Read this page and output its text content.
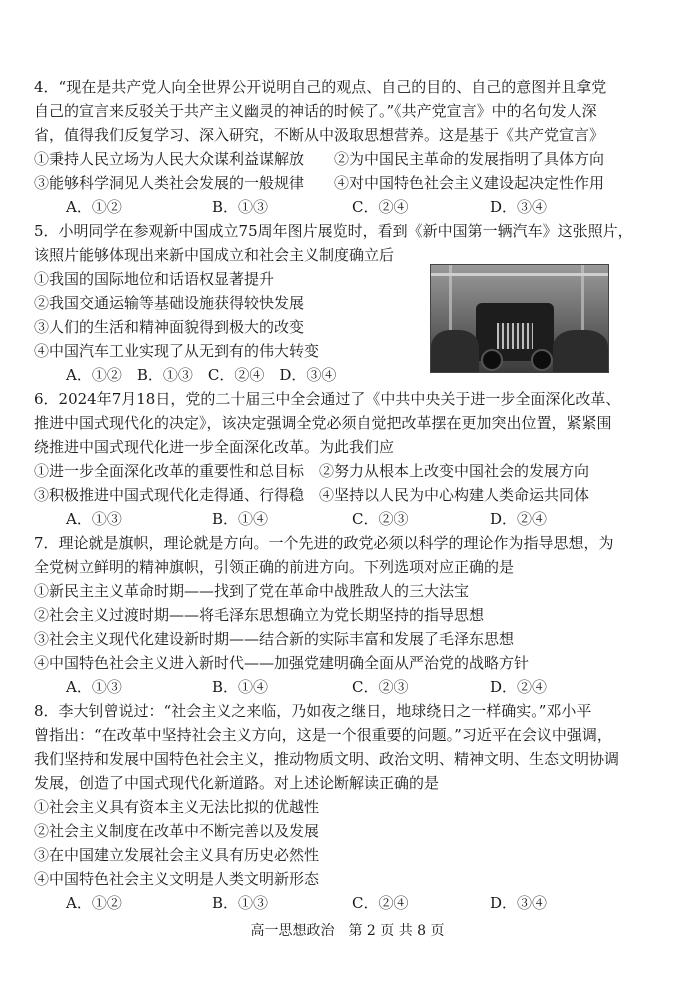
4．“现在是共产党人向全世界公开说明自己的观点、自己的目的、自己的意图并且拿党
自己的宣言来反驳关于共产主义幽灵的神话的时候了。”《共产党宣言》中的名句发人深
省，值得我们反复学习、深入研究，不断从中汲取思想营养。这是基于《共产党宣言》
①秉持人民立场为人民大众谋利益谋解放　　②为中国民主革命的发展指明了具体方向
③能够科学洞见人类社会发展的一般规律　　④对中国特色社会主义建设起决定性作用
A．①②	B．①③	C．②④	D．③④
5．小明同学在参观新中国成立75周年图片展览时，看到《新中国第一辆汽车》这张照片，
该照片能够体现出来新中国成立和社会主义制度确立后
①我国的国际地位和话语权显著提升
②我国交通运输等基础设施获得较快发展
③人们的生活和精神面貌得到极大的改变
④中国汽车工业实现了从无到有的伟大转变
A．①②　B．①③　C．②④　D．③④
6．2024年7月18日，党的二十届三中全会通过了《中共中央关于进一步全面深化改革、
推进中国式现代化的决定》，该决定强调全党必须自觉把改革摆在更加突出位置，紧紧围
绕推进中国式现代化进一步全面深化改革。为此我们应
①进一步全面深化改革的重要性和总目标　②努力从根本上改变中国社会的发展方向
③积极推进中国式现代化走得通、行得稳　④坚持以人民为中心构建人类命运共同体
A．①③	B．①④	C．②③	D．②④
7．理论就是旗帜，理论就是方向。一个先进的政党必须以科学的理论作为指导思想，为
全党树立鲜明的精神旗帜，引领正确的前进方向。下列选项对应正确的是
①新民主主义革命时期——找到了党在革命中战胜敌人的三大法宝
②社会主义过渡时期——将毛泽东思想确立为党长期坚持的指导思想
③社会主义现代化建设新时期——结合新的实际丰富和发展了毛泽东思想
④中国特色社会主义进入新时代——加强党建明确全面从严治党的战略方针
A．①③	B．①④	C．②③	D．②④
8．李大钊曾说过：“社会主义之来临，乃如夜之继日，地球绕日之一样确实。”邓小平
曾指出：“在改革中坚持社会主义方向，这是一个很重要的问题。”习近平在会议中强调，
我们坚持和发展中国特色社会主义，推动物质文明、政治文明、精神文明、生态文明协调
发展，创造了中国式现代化新道路。对上述论断解读正确的是
①社会主义具有资本主义无法比拟的优越性
②社会主义制度在改革中不断完善以及发展
③在中国建立发展社会主义具有历史必然性
④中国特色社会主义文明是人类文明新形态
A．①②	B．①③	C．②④	D．③④
高一思想政治　第 2 页 共 8 页
